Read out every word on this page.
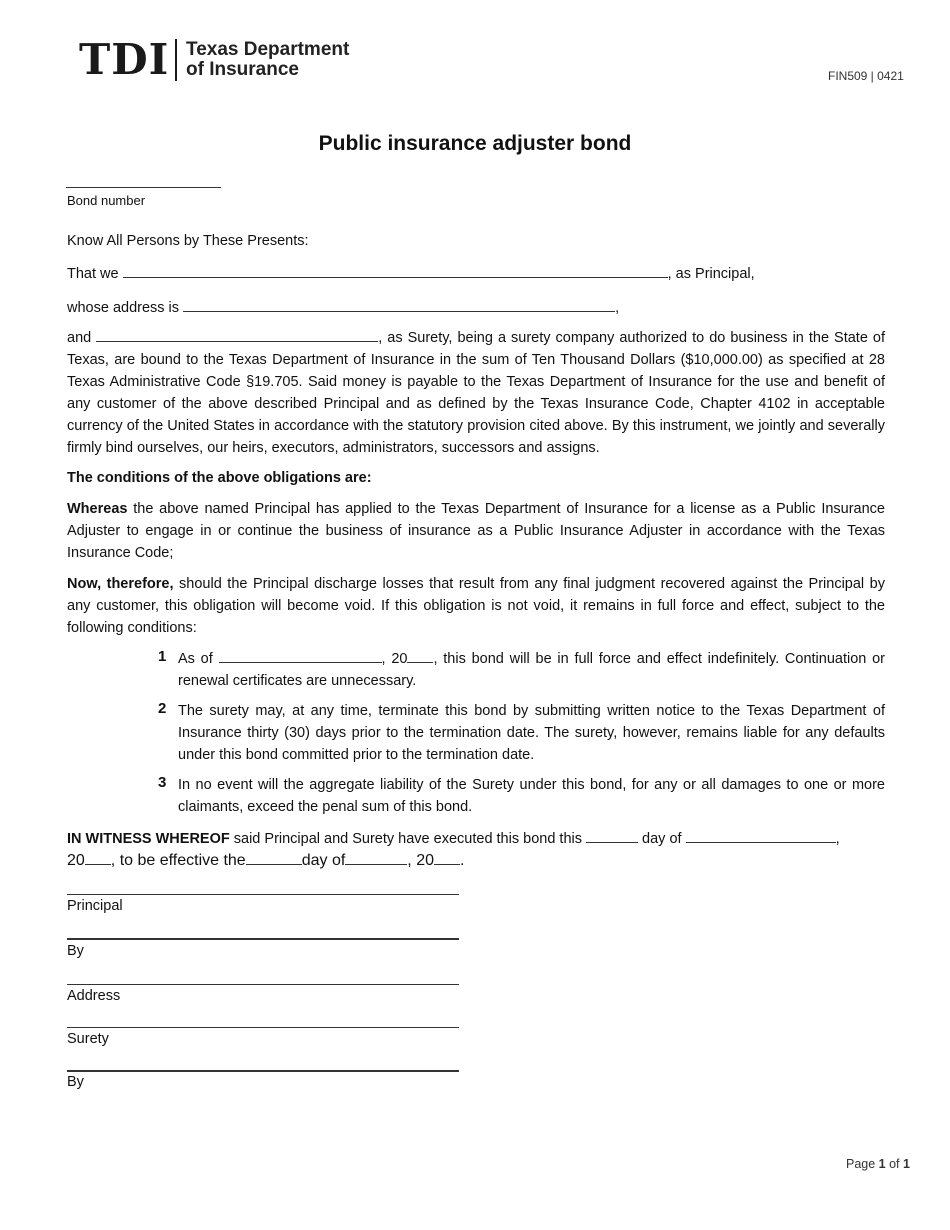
TDI Texas Department
of Insurance	FIN509 | 0421
Public insurance adjuster bond
Bond number
Know All Persons by These Presents:
That we	, as Principal,
whose address is	,
and	, as Surety, being a surety company authorized to do business in the State of Texas, are bound to the Texas Department of Insurance in the sum of Ten Thousand Dollars ($10,000.00) as specified at 28 Texas Administrative Code §19.705. Said money is payable to the Texas Department of Insurance for the use and benefit of any customer of the above described Principal and as defined by the Texas Insurance Code, Chapter 4102 in acceptable currency of the United States in accordance with the statutory provision cited above. By this instrument, we jointly and severally firmly bind ourselves, our heirs, executors, administrators, successors and assigns.
The conditions of the above obligations are:
Whereas the above named Principal has applied to the Texas Department of Insurance for a license as a Public Insurance Adjuster to engage in or continue the business of insurance as a Public Insurance Adjuster in accordance with the Texas Insurance Code;
Now, therefore, should the Principal discharge losses that result from any final judgment recovered against the Principal by any customer, this obligation will become void. If this obligation is not void, it remains in full force and effect, subject to the following conditions:
1 As of	, 20 , this bond will be in full force and effect indefinitely. Continuation or renewal certificates are unnecessary.
2 The surety may, at any time, terminate this bond by submitting written notice to the Texas Department of Insurance thirty (30) days prior to the termination date. The surety, however, remains liable for any defaults under this bond committed prior to the termination date.
3 In no event will the aggregate liability of the Surety under this bond, for any or all damages to one or more claimants, exceed the penal sum of this bond.
IN WITNESS WHEREOF said Principal and Surety have executed this bond this	day of	,
20 , to be effective the	day of	, 20 .
Principal
By
Address
Surety
By
Page 1 of 1
